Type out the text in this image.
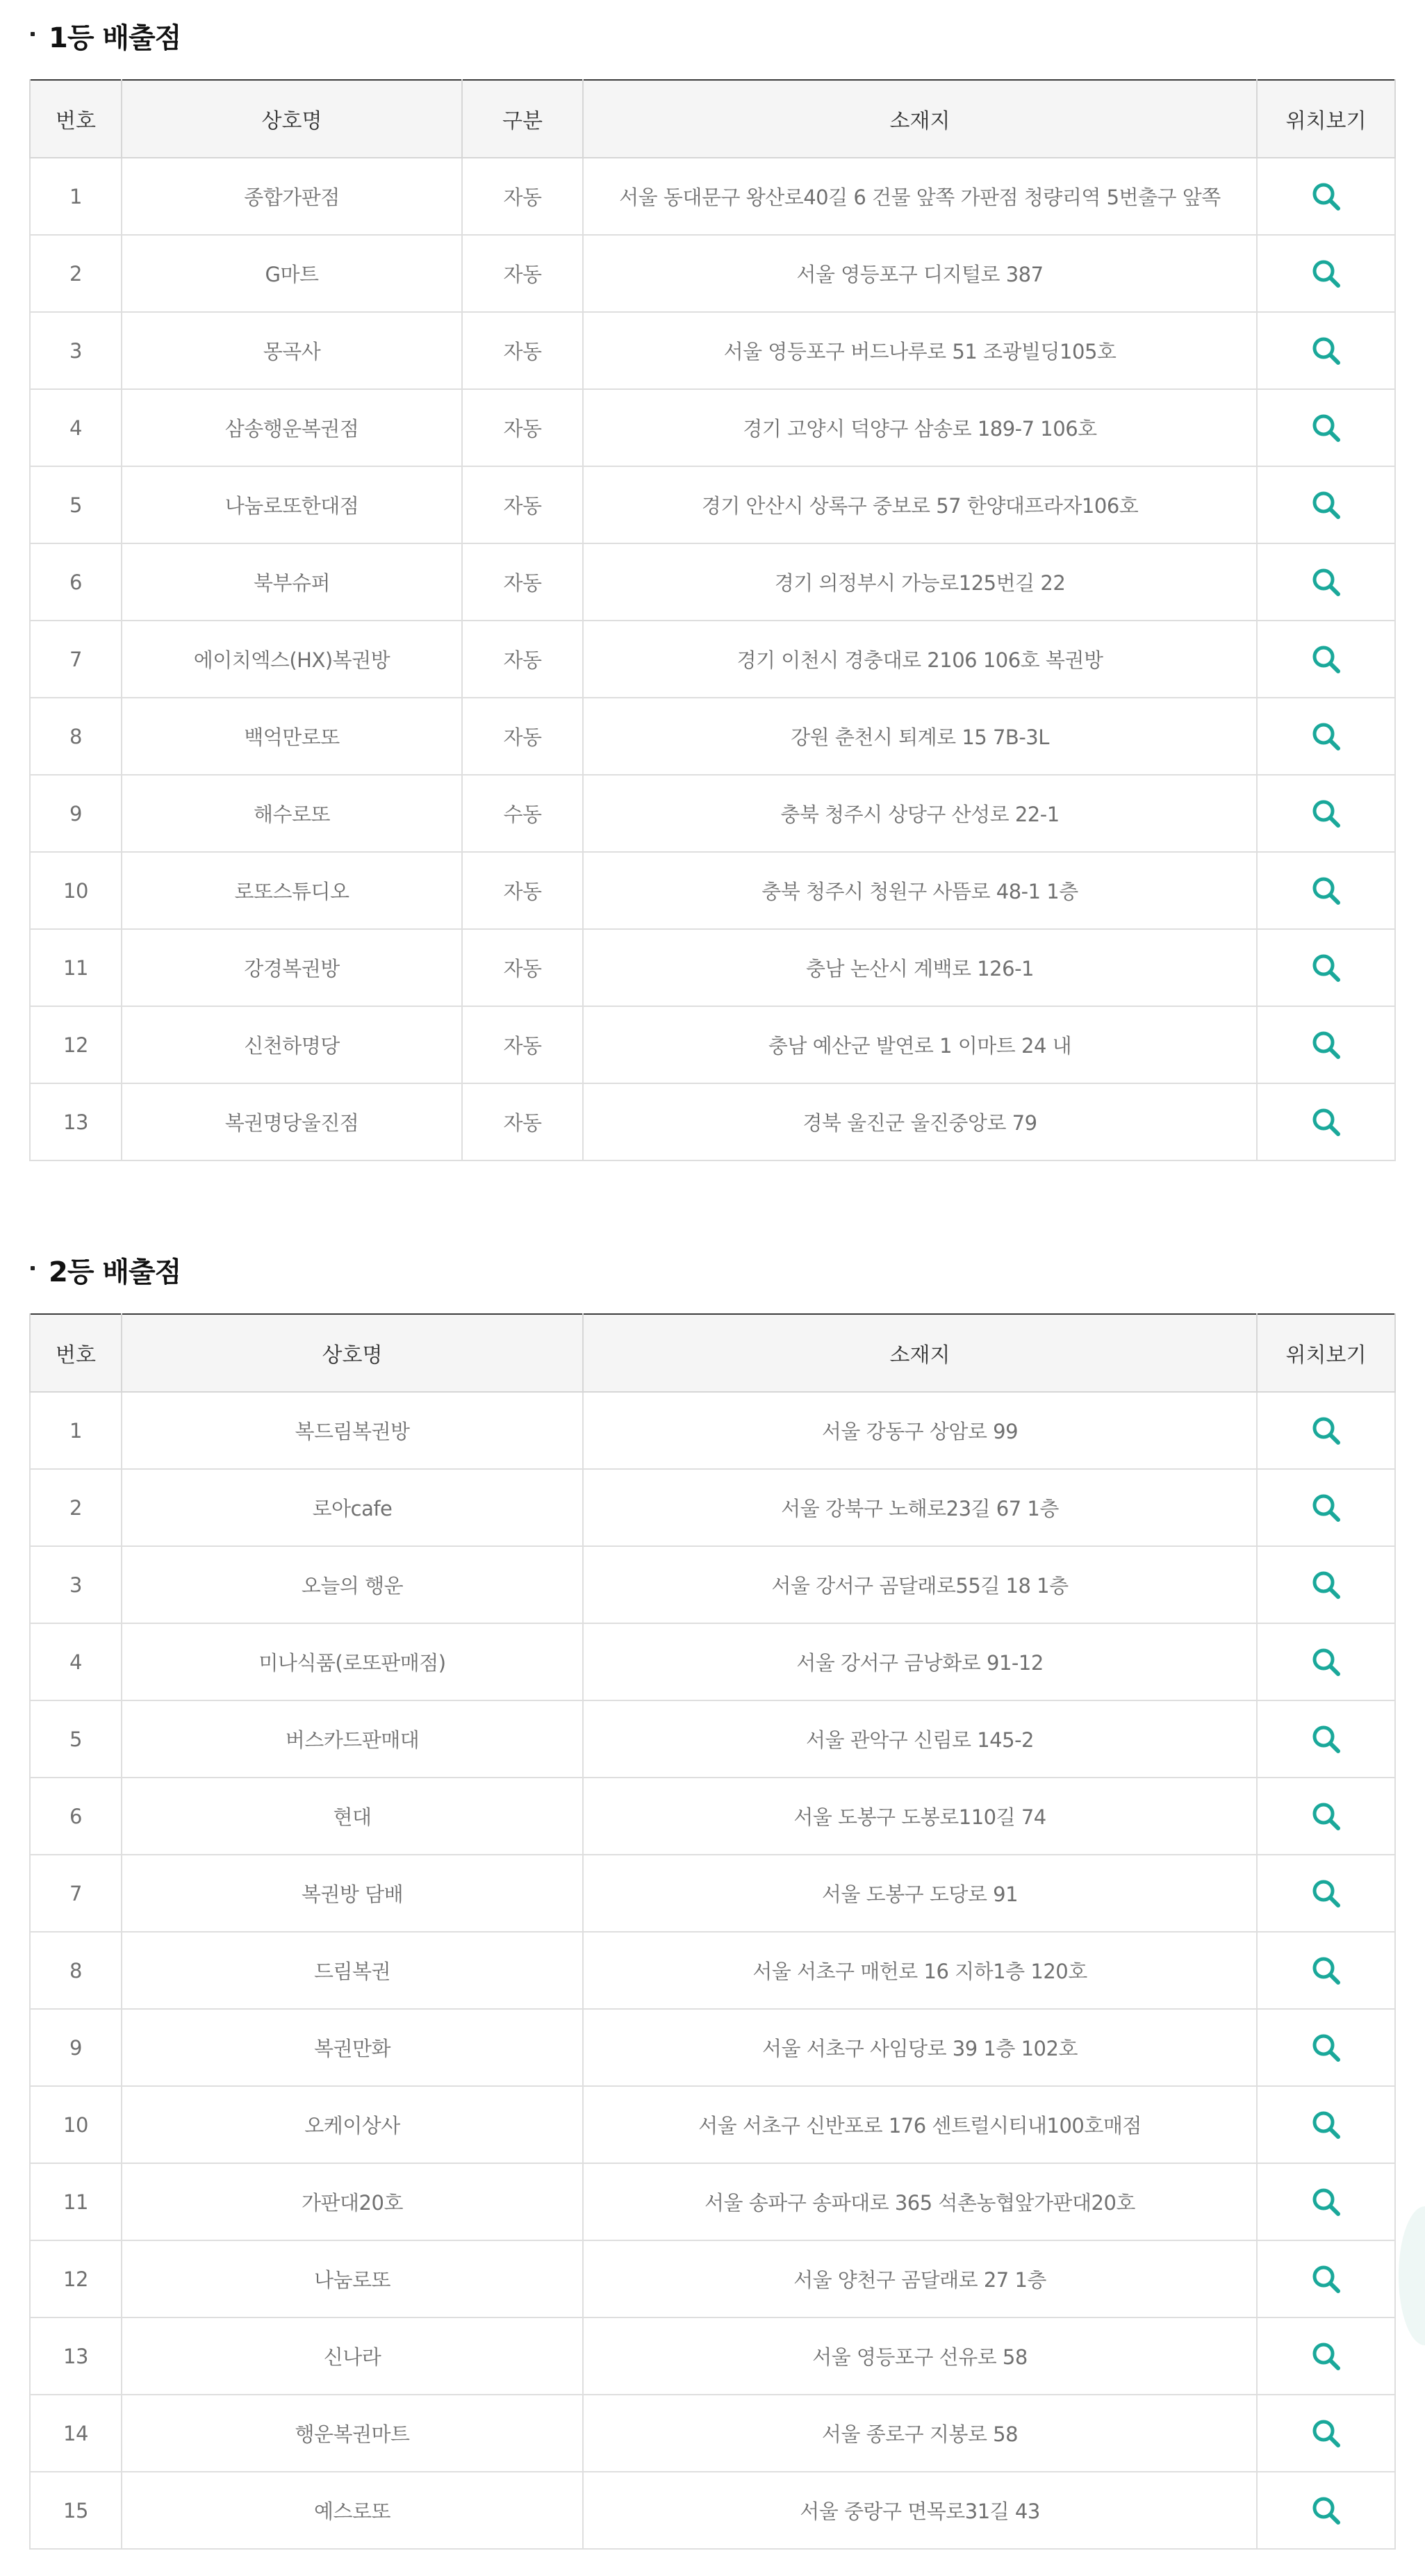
1등 배출점
번호	상호명	구분	소재지	위치보기
1	종합가판점	자동	서울 동대문구 왕산로40길 6 건물 앞쪽 가판점 청량리역 5번출구 앞쪽	

2	G마트	자동	서울 영등포구 디지털로 387	

3	몽곡사	자동	서울 영등포구 버드나루로 51 조광빌딩105호	

4	삼송행운복권점	자동	경기 고양시 덕양구 삼송로 189-7 106호	

5	나눔로또한대점	자동	경기 안산시 상록구 중보로 57 한양대프라자106호	

6	북부슈퍼	자동	경기 의정부시 가능로125번길 22	

7	에이치엑스(HX)복권방	자동	경기 이천시 경충대로 2106 106호 복권방	

8	백억만로또	자동	강원 춘천시 퇴계로 15 7B-3L	

9	해수로또	수동	충북 청주시 상당구 산성로 22-1	

10	로또스튜디오	자동	충북 청주시 청원구 사뜸로 48-1 1층	

11	강경복권방	자동	충남 논산시 계백로 126-1	

12	신천하명당	자동	충남 예산군 발연로 1 이마트 24 내	

13	복권명당울진점	자동	경북 울진군 울진중앙로 79	
2등 배출점
번호	상호명	소재지	위치보기
1	복드림복권방	서울 강동구 상암로 99	

2	로아cafe	서울 강북구 노해로23길 67 1층	

3	오늘의 행운	서울 강서구 곰달래로55길 18 1층	

4	미나식품(로또판매점)	서울 강서구 금낭화로 91-12	

5	버스카드판매대	서울 관악구 신림로 145-2	

6	현대	서울 도봉구 도봉로110길 74	

7	복권방 담배	서울 도봉구 도당로 91	

8	드림복권	서울 서초구 매헌로 16 지하1층 120호	

9	복권만화	서울 서초구 사임당로 39 1층 102호	

10	오케이상사	서울 서초구 신반포로 176 센트럴시티내100호매점	

11	가판대20호	서울 송파구 송파대로 365 석촌농협앞가판대20호	

12	나눔로또	서울 양천구 곰달래로 27 1층	

13	신나라	서울 영등포구 선유로 58	

14	행운복권마트	서울 종로구 지봉로 58	

15	예스로또	서울 중랑구 면목로31길 43	
